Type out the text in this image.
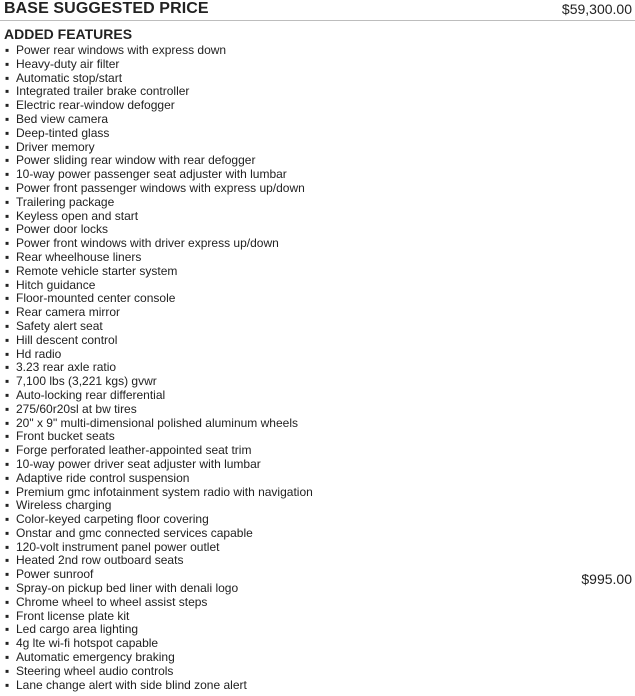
BASE SUGGESTED PRICE	$59,300.00
ADDED FEATURES
▪ Power rear windows with express down
▪ Heavy-duty air filter
▪ Automatic stop/start
▪ Integrated trailer brake controller
▪ Electric rear-window defogger
▪ Bed view camera
▪ Deep-tinted glass
▪ Driver memory
▪ Power sliding rear window with rear defogger
▪ 10-way power passenger seat adjuster with lumbar
▪ Power front passenger windows with express up/down
▪ Trailering package
▪ Keyless open and start
▪ Power door locks
▪ Power front windows with driver express up/down
▪ Rear wheelhouse liners
▪ Remote vehicle starter system
▪ Hitch guidance
▪ Floor-mounted center console
▪ Rear camera mirror
▪ Safety alert seat
▪ Hill descent control
▪ Hd radio
▪ 3.23 rear axle ratio
▪ 7,100 lbs (3,221 kgs) gvwr
▪ Auto-locking rear differential
▪ 275/60r20sl at bw tires
▪ 20" x 9" multi-dimensional polished aluminum wheels
▪ Front bucket seats
▪ Forge perforated leather-appointed seat trim
▪ 10-way power driver seat adjuster with lumbar
▪ Adaptive ride control suspension
▪ Premium gmc infotainment system radio with navigation
▪ Wireless charging
▪ Color-keyed carpeting floor covering
▪ Onstar and gmc connected services capable
▪ 120-volt instrument panel power outlet
▪ Heated 2nd row outboard seats
▪ Power sunroof
▪ Spray-on pickup bed liner with denali logo
▪ Chrome wheel to wheel assist steps
▪ Front license plate kit
▪ Led cargo area lighting
▪ 4g lte wi-fi hotspot capable
▪ Automatic emergency braking
▪ Steering wheel audio controls
▪ Lane change alert with side blind zone alert
$995.00
